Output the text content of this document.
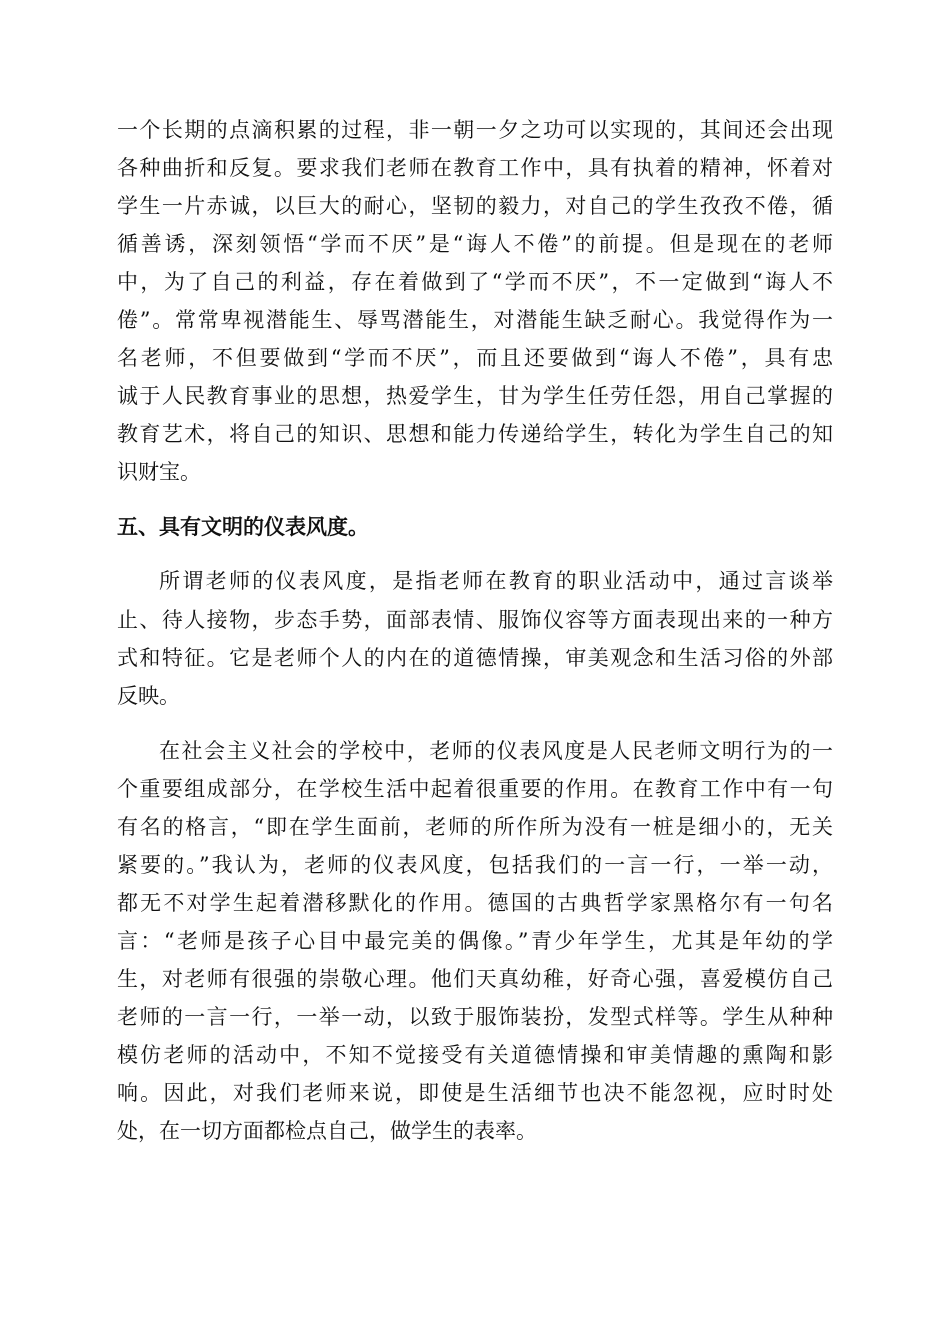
一个长期的点滴积累的过程，非一朝一夕之功可以实现的，其间还会出现
各种曲折和反复。要求我们老师在教育工作中，具有执着的精神，怀着对
学生一片赤诚，以巨大的耐心，坚韧的毅力，对自己的学生孜孜不倦，循
循善诱，深刻领悟“学而不厌”是“诲人不倦”的前提。但是现在的老师
中，为了自己的利益，存在着做到了“学而不厌”，不一定做到“诲人不
倦”。常常卑视潜能生、辱骂潜能生，对潜能生缺乏耐心。我觉得作为一
名老师，不但要做到“学而不厌”，而且还要做到“诲人不倦”，具有忠
诚于人民教育事业的思想，热爱学生，甘为学生任劳任怨，用自己掌握的
教育艺术，将自己的知识、思想和能力传递给学生，转化为学生自己的知
识财宝。
五、具有文明的仪表风度。
所谓老师的仪表风度，是指老师在教育的职业活动中，通过言谈举
止、待人接物，步态手势，面部表情、服饰仪容等方面表现出来的一种方
式和特征。它是老师个人的内在的道德情操，审美观念和生活习俗的外部
反映。
在社会主义社会的学校中，老师的仪表风度是人民老师文明行为的一
个重要组成部分，在学校生活中起着很重要的作用。在教育工作中有一句
有名的格言，“即在学生面前，老师的所作所为没有一桩是细小的，无关
紧要的。”我认为，老师的仪表风度，包括我们的一言一行，一举一动，
都无不对学生起着潜移默化的作用。德国的古典哲学家黑格尔有一句名
言：“老师是孩子心目中最完美的偶像。”青少年学生，尤其是年幼的学
生，对老师有很强的崇敬心理。他们天真幼稚，好奇心强，喜爱模仿自己
老师的一言一行，一举一动，以致于服饰装扮，发型式样等。学生从种种
模仿老师的活动中，不知不觉接受有关道德情操和审美情趣的熏陶和影
响。因此，对我们老师来说，即使是生活细节也决不能忽视，应时时处
处，在一切方面都检点自己，做学生的表率。
